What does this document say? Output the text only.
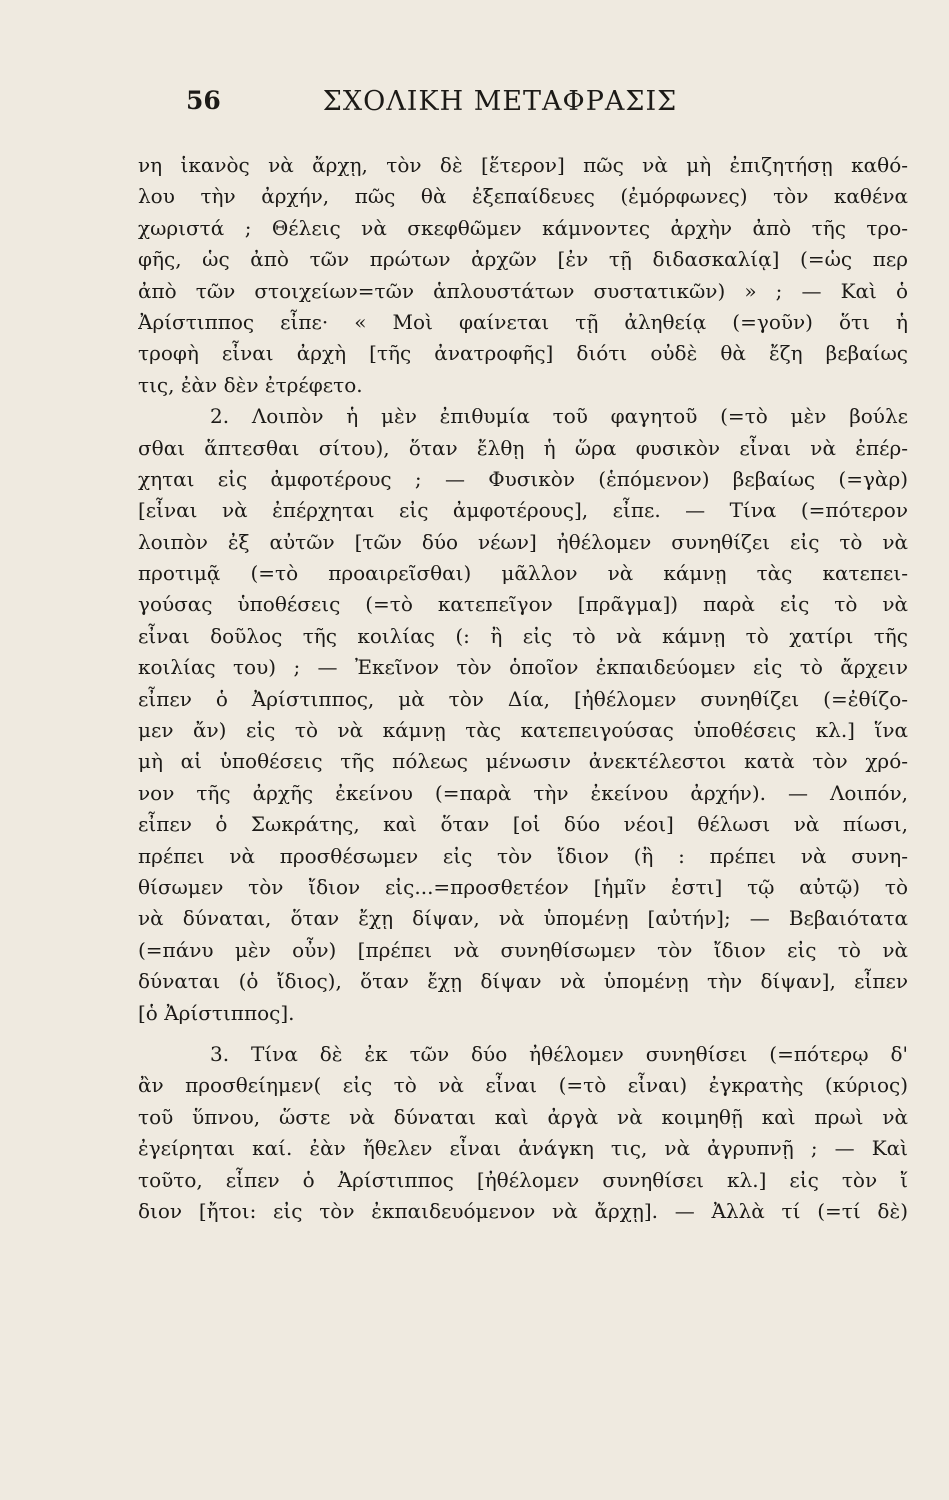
56	ΣΧΟΛΙΚΗ ΜΕΤΑΦΡΑΣΙΣ
νη ἱκανὸς νὰ ἄρχῃ, τὸν δὲ [ἕτερον] πῶς νὰ μὴ ἐπιζητήσῃ καθό-
λου τὴν ἀρχήν, πῶς θὰ ἐξεπαίδευες (ἐμόρφωνες) τὸν καθένα
χωριστά ; Θέλεις νὰ σκεφθῶμεν κάμνοντες ἀρχὴν ἀπὸ τῆς τρο-
φῆς, ὡς ἀπὸ τῶν πρώτων ἀρχῶν [ἐν τῇ διδασκαλίᾳ] (=ὡς περ
ἀπὸ τῶν στοιχείων=τῶν ἁπλουστάτων συστατικῶν) » ; — Καὶ ὁ
Ἀρίστιππος εἶπε· « Μοὶ φαίνεται τῇ ἀληθείᾳ (=γοῦν) ὅτι ἡ
τροφὴ εἶναι ἀρχὴ [τῆς ἀνατροφῆς] διότι οὐδὲ θὰ ἔζη βεβαίως
τις, ἐὰν δὲν ἐτρέφετο.
2. Λοιπὸν ἡ μὲν ἐπιθυμία τοῦ φαγητοῦ (=τὸ μὲν βούλε
σθαι ἅπτεσθαι σίτου), ὅταν ἔλθῃ ἡ ὥρα φυσικὸν εἶναι νὰ ἐπέρ-
χηται εἰς ἀμφοτέρους ; — Φυσικὸν (ἑπόμενον) βεβαίως (=γὰρ)
[εἶναι νὰ ἐπέρχηται εἰς ἀμφοτέρους], εἶπε. — Τίνα (=πότερον
λοιπὸν ἐξ αὐτῶν [τῶν δύο νέων] ἠθέλομεν συνηθίζει εἰς τὸ νὰ
προτιμᾷ (=τὸ προαιρεῖσθαι) μᾶλλον νὰ κάμνῃ τὰς κατεπει-
γούσας ὑποθέσεις (=τὸ κατεπεῖγον [πρᾶγμα]) παρὰ εἰς τὸ νὰ
εἶναι δοῦλος τῆς κοιλίας (: ἢ εἰς τὸ νὰ κάμνῃ τὸ χατίρι τῆς
κοιλίας του) ; — Ἐκεῖνον τὸν ὁποῖον ἐκπαιδεύομεν εἰς τὸ ἄρχειν
εἶπεν ὁ Ἀρίστιππος, μὰ τὸν Δία, [ἠθέλομεν συνηθίζει (=ἐθίζο-
μεν ἄν) εἰς τὸ νὰ κάμνῃ τὰς κατεπειγούσας ὑποθέσεις κλ.] ἵνα
μὴ αἱ ὑποθέσεις τῆς πόλεως μένωσιν ἀνεκτέλεστοι κατὰ τὸν χρό-
νον τῆς ἀρχῆς ἐκείνου (=παρὰ τὴν ἐκείνου ἀρχήν). — Λοιπόν,
εἶπεν ὁ Σωκράτης, καὶ ὅταν [οἱ δύο νέοι] θέλωσι νὰ πίωσι,
πρέπει νὰ προσθέσωμεν εἰς τὸν ἴδιον (ἢ : πρέπει νὰ συνη-
θίσωμεν τὸν ἴδιον εἰς...=προσθετέον [ἡμῖν ἐστι] τῷ αὐτῷ) τὸ
νὰ δύναται, ὅταν ἔχῃ δίψαν, νὰ ὑπομένῃ [αὐτήν]; — Βεβαιότατα
(=πάνυ μὲν οὖν) [πρέπει νὰ συνηθίσωμεν τὸν ἴδιον εἰς τὸ νὰ
δύναται (ὁ ἴδιος), ὅταν ἔχῃ δίψαν νὰ ὑπομένῃ τὴν δίψαν], εἶπεν
[ὁ Ἀρίστιππος].
3. Τίνα δὲ ἐκ τῶν δύο ἠθέλομεν συνηθίσει (=πότερῳ δ'
ἂν προσθείημεν( εἰς τὸ νὰ εἶναι (=τὸ εἶναι) ἐγκρατὴς (κύριος)
τοῦ ὕπνου, ὥστε νὰ δύναται καὶ ἀργὰ νὰ κοιμηθῇ καὶ πρωὶ νὰ
ἐγείρηται καί. ἐὰν ἤθελεν εἶναι ἀνάγκη τις, νὰ ἀγρυπνῇ ; — Καὶ
τοῦτο, εἶπεν ὁ Ἀρίστιππος [ἠθέλομεν συνηθίσει κλ.] εἰς τὸν ἴ
διον [ἤτοι: εἰς τὸν ἐκπαιδευόμενον νὰ ἄρχῃ]. — Ἀλλὰ τί (=τί δὲ)
